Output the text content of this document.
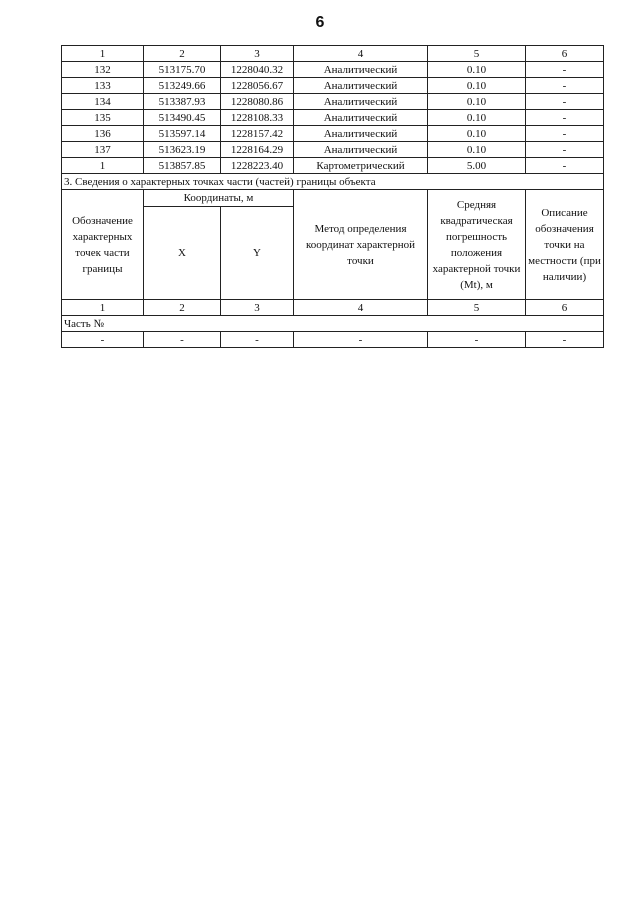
6
1	2	3	4	5	6
132	513175.70	1228040.32	Аналитический	0.10	-
133	513249.66	1228056.67	Аналитический	0.10	-
134	513387.93	1228080.86	Аналитический	0.10	-
135	513490.45	1228108.33	Аналитический	0.10	-
136	513597.14	1228157.42	Аналитический	0.10	-
137	513623.19	1228164.29	Аналитический	0.10	-
1	513857.85	1228223.40	Картометрический	5.00	-
3. Сведения о характерных точках части (частей) границы объекта					
Обозначение характерных точек части границы	Координаты, м		Метод определения координат характерной точки	Средняя квадратическая погрешность положения характерной точки (Mt), м	Описание обозначения точки на местности (при наличии)
	X	Y			
1	2	3	4	5	6
Часть №					
-	-	-	-	-	-
